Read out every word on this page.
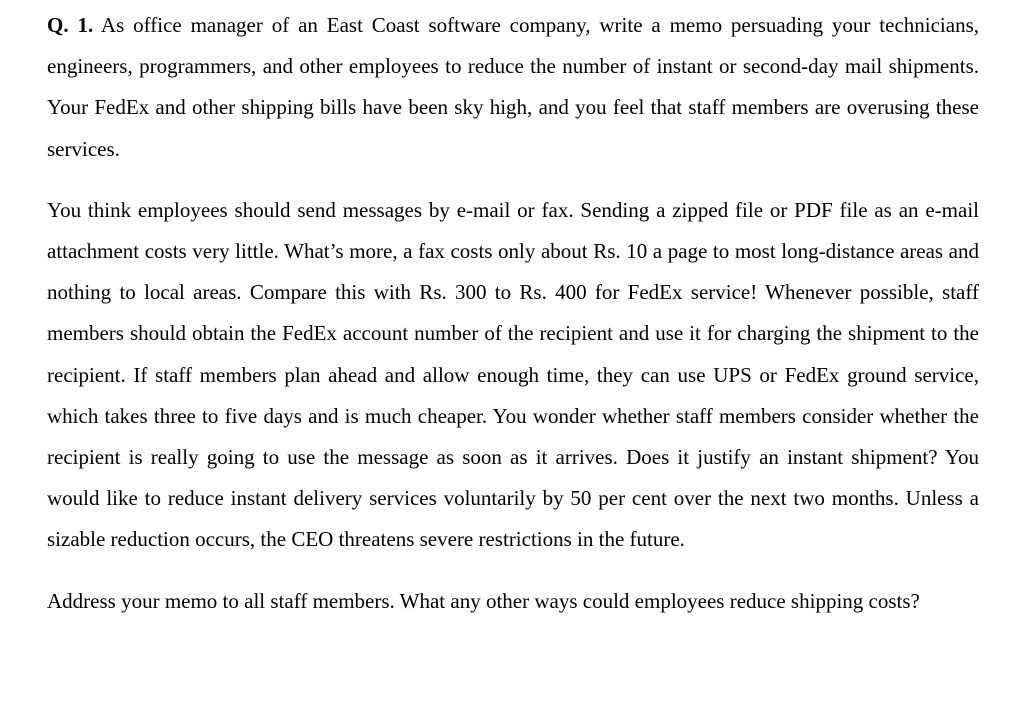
Q. 1. As office manager of an East Coast software company, write a memo persuading your technicians, engineers, programmers, and other employees to reduce the number of instant or second-day mail shipments. Your FedEx and other shipping bills have been sky high, and you feel that staff members are overusing these services.

You think employees should send messages by e-mail or fax. Sending a zipped file or PDF file as an e-mail attachment costs very little. What’s more, a fax costs only about Rs. 10 a page to most long-distance areas and nothing to local areas. Compare this with Rs. 300 to Rs. 400 for FedEx service! Whenever possible, staff members should obtain the FedEx account number of the recipient and use it for charging the shipment to the recipient. If staff members plan ahead and allow enough time, they can use UPS or FedEx ground service, which takes three to five days and is much cheaper. You wonder whether staff members consider whether the recipient is really going to use the message as soon as it arrives. Does it justify an instant shipment? You would like to reduce instant delivery services voluntarily by 50 per cent over the next two months. Unless a sizable reduction occurs, the CEO threatens severe restrictions in the future.

Address your memo to all staff members. What any other ways could employees reduce shipping costs?
